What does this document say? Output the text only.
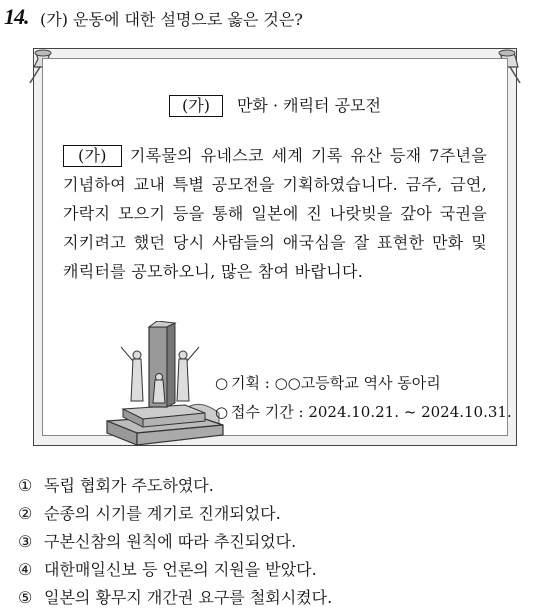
14. (가) 운동에 대한 설명으로 옳은 것은?
(가) 만화 · 캐릭터 공모전
(가) 기록물의 유네스코 세계 기록 유산 등재 7주년을 기념하여 교내 특별 공모전을 기획하였습니다. 금주, 금연, 가락지 모으기 등을 통해 일본에 진 나랏빚을 갚아 국권을 지키려고 했던 당시 사람들의 애국심을 잘 표현한 만화 및 캐릭터를 공모하오니, 많은 참여 바랍니다.
○ 기획 : ○○고등학교 역사 동아리
○ 접수 기간 : 2024.10.21. ~ 2024.10.31.
① 독립 협회가 주도하였다.
② 순종의 시기를 계기로 진개되었다.
③ 구본신참의 원칙에 따라 추진되었다.
④ 대한매일신보 등 언론의 지원을 받았다.
⑤ 일본의 황무지 개간권 요구를 철회시켰다.
